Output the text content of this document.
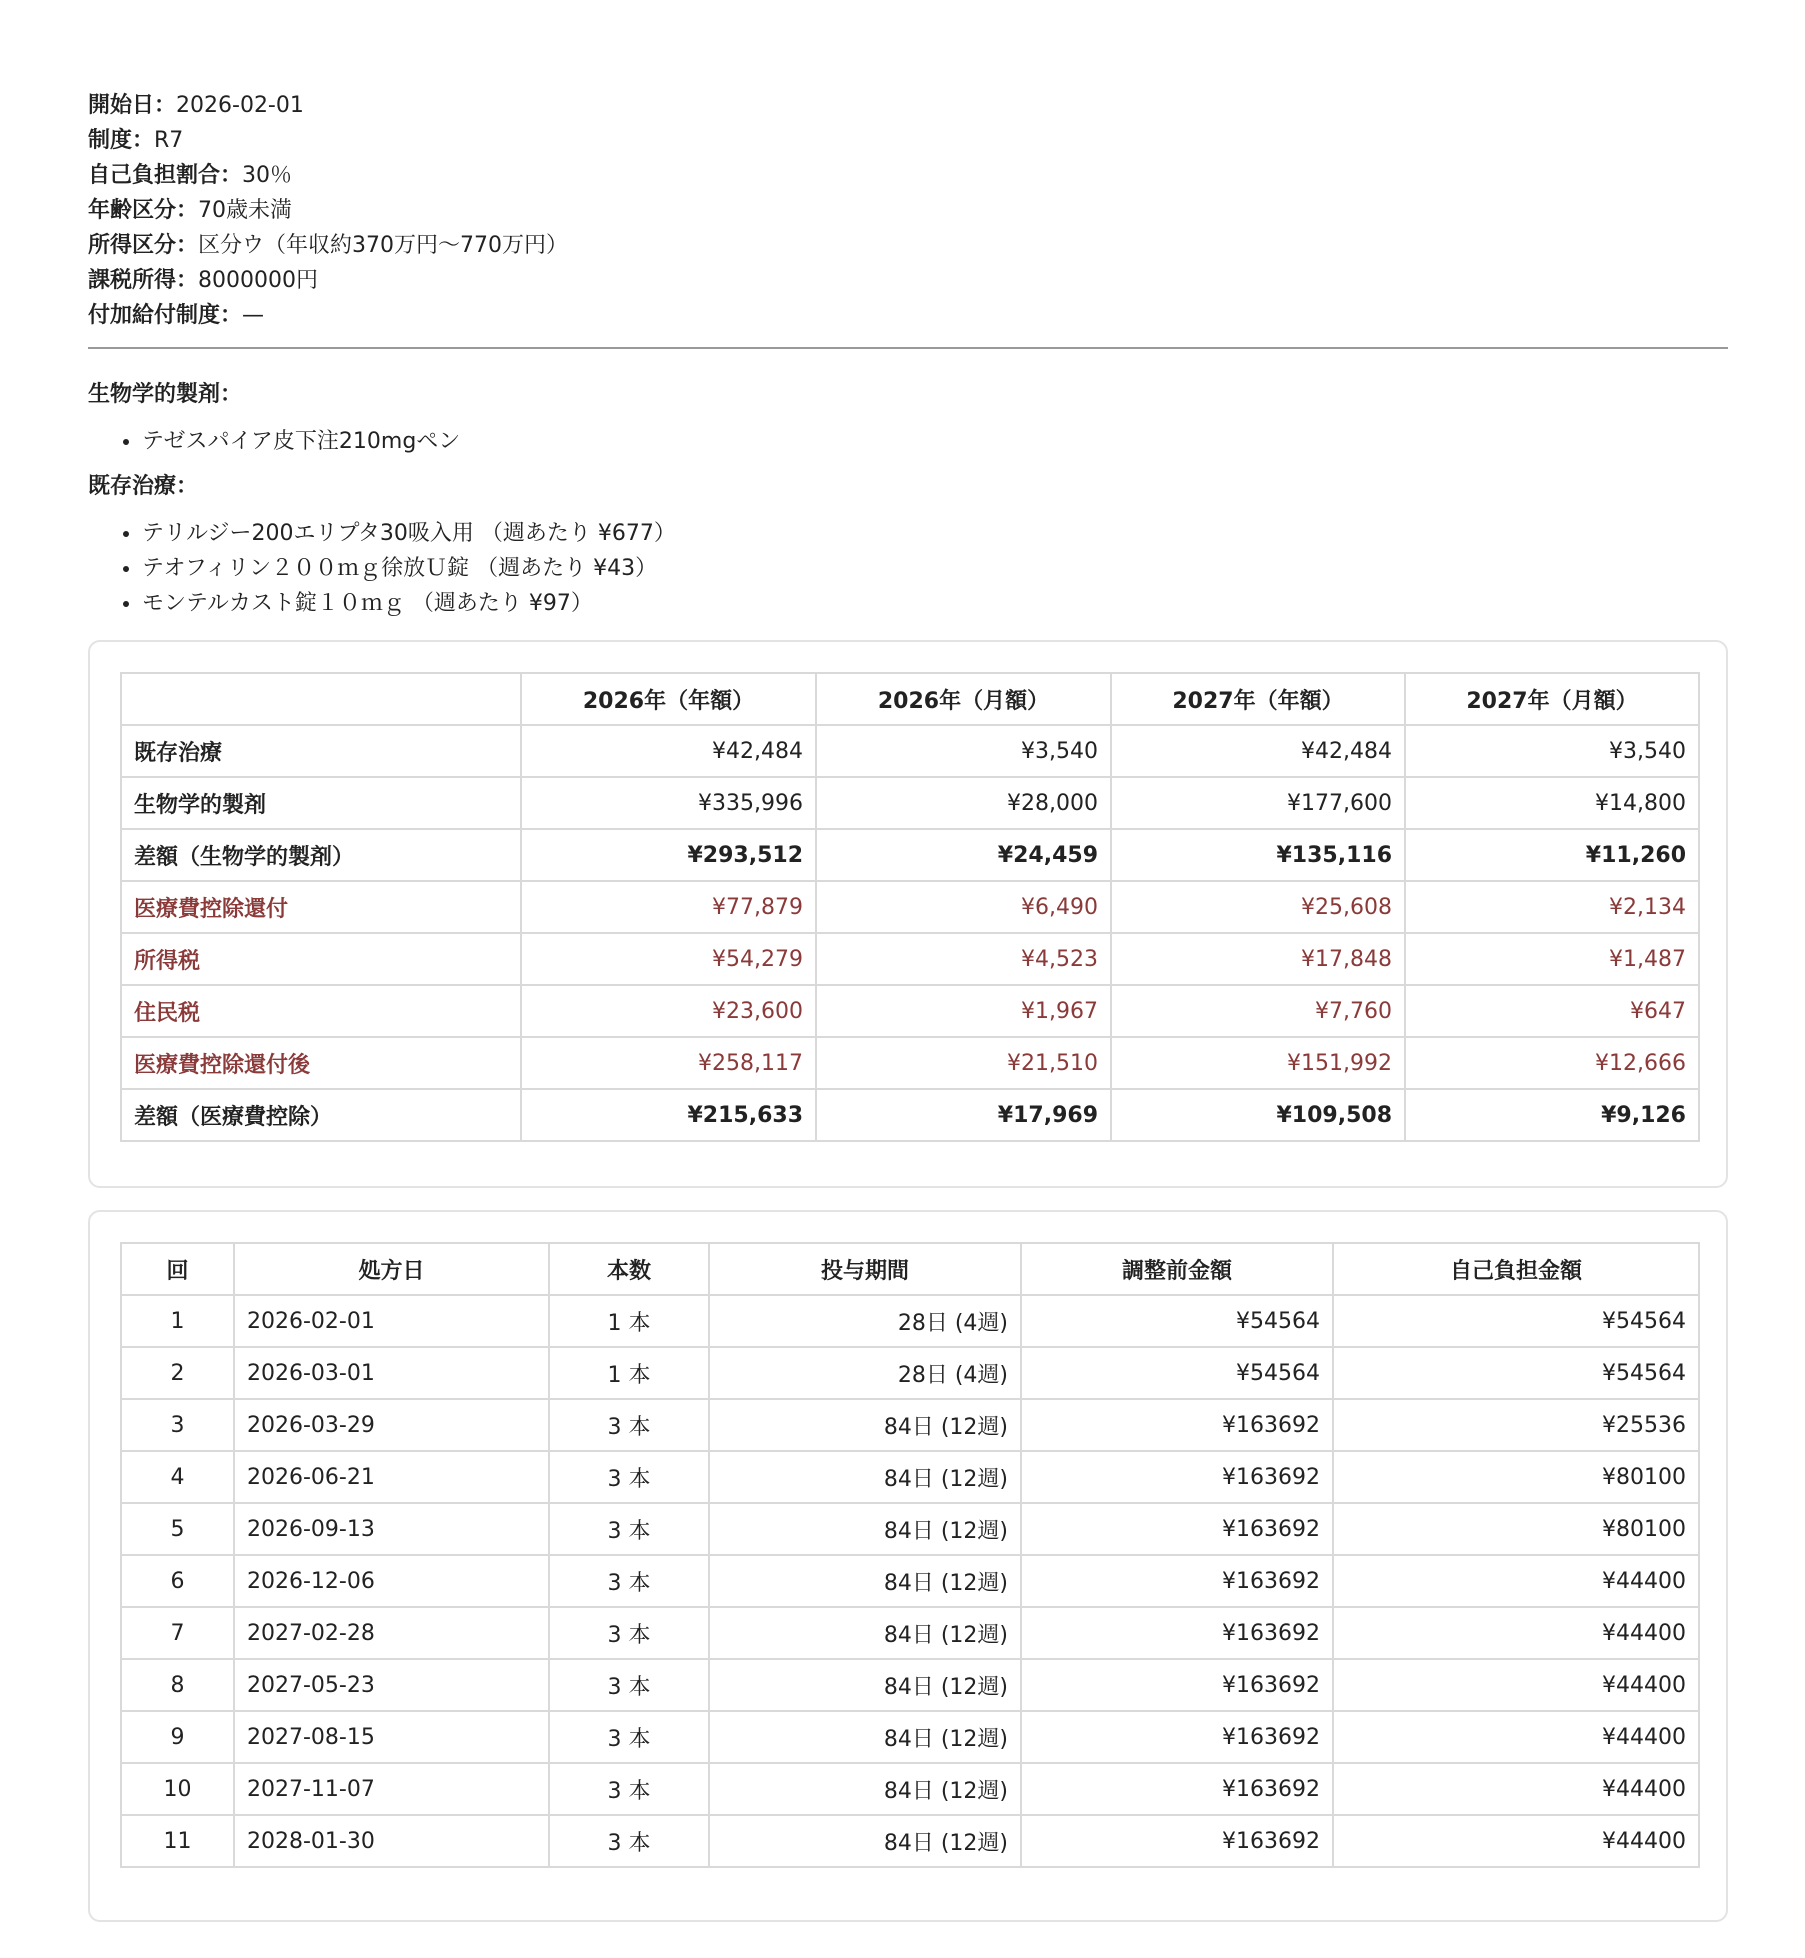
開始日：2026-02-01
制度：R7
自己負担割合：30％
年齢区分：70歳未満
所得区分：区分ウ（年収約370万円～770万円）
課税所得：8000000円
付加給付制度：—
生物学的製剤：
• テゼスパイア皮下注210mgペン
既存治療：
• テリルジー200エリプタ30吸入用 （週あたり ¥677）
• テオフィリン２００ｍｇ徐放Ｕ錠 （週あたり ¥43）
• モンテルカスト錠１０ｍｇ （週あたり ¥97）
	2026年（年額）	2026年（月額）	2027年（年額）	2027年（月額）
既存治療	¥42,484	¥3,540	¥42,484	¥3,540
生物学的製剤	¥335,996	¥28,000	¥177,600	¥14,800
差額（生物学的製剤）	¥293,512	¥24,459	¥135,116	¥11,260
医療費控除還付	¥77,879	¥6,490	¥25,608	¥2,134
所得税	¥54,279	¥4,523	¥17,848	¥1,487
住民税	¥23,600	¥1,967	¥7,760	¥647
医療費控除還付後	¥258,117	¥21,510	¥151,992	¥12,666
差額（医療費控除）	¥215,633	¥17,969	¥109,508	¥9,126
回	処方日	本数	投与期間	調整前金額	自己負担金額
1	2026-02-01	1 本	28日 (4週)	¥54564	¥54564
2	2026-03-01	1 本	28日 (4週)	¥54564	¥54564
3	2026-03-29	3 本	84日 (12週)	¥163692	¥25536
4	2026-06-21	3 本	84日 (12週)	¥163692	¥80100
5	2026-09-13	3 本	84日 (12週)	¥163692	¥80100
6	2026-12-06	3 本	84日 (12週)	¥163692	¥44400
7	2027-02-28	3 本	84日 (12週)	¥163692	¥44400
8	2027-05-23	3 本	84日 (12週)	¥163692	¥44400
9	2027-08-15	3 本	84日 (12週)	¥163692	¥44400
10	2027-11-07	3 本	84日 (12週)	¥163692	¥44400
11	2028-01-30	3 本	84日 (12週)	¥163692	¥44400
